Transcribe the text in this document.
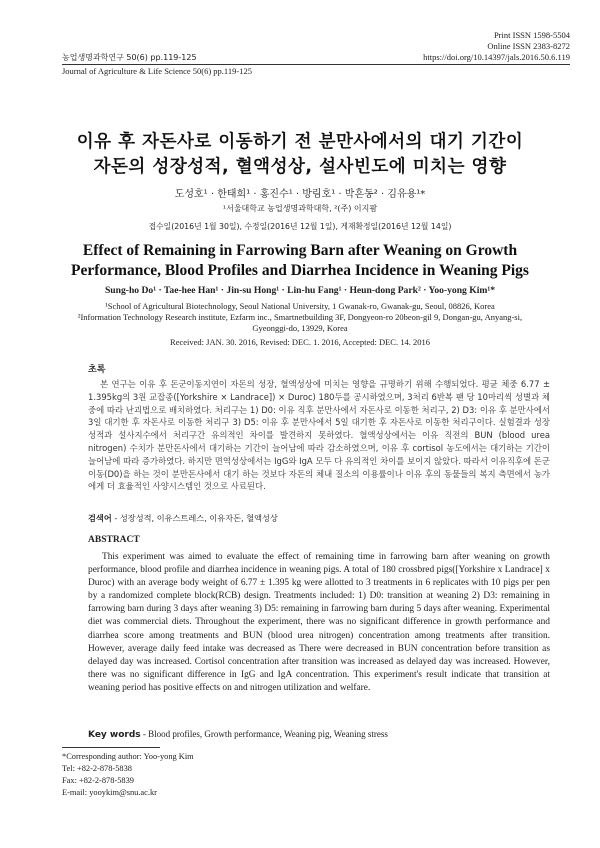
Print ISSN 1598-5504
Online ISSN 2383-8272
https://doi.org/10.14397/jals.2016.50.6.119
농업생명과학연구 50(6) pp.119-125
Journal of Agriculture & Life Science 50(6) pp.119-125
이유 후 자돈사로 이동하기 전 분만사에서의 대기 기간이
자돈의 성장성적, 혈액성상, 설사빈도에 미치는 영향
도성호¹ · 한태희¹ · 홍진수¹ · 방림호¹ · 박흔동² · 김유용¹*
¹서울대학교 농업생명과학대학, ²(주) 이지팜
접수일(2016년 1월 30일), 수정일(2016년 12월 1일), 게재확정일(2016년 12월 14일)
Effect of Remaining in Farrowing Barn after Weaning on Growth
Performance, Blood Profiles and Diarrhea Incidence in Weaning Pigs
Sung-ho Do¹ · Tae-hee Han¹ · Jin-su Hong¹ · Lin-hu Fang¹ · Heun-dong Park² · Yoo-yong Kim¹*
¹School of Agricultural Biotechnology, Seoul National University, 1 Gwanak-ro, Gwanak-gu, Seoul, 08826, Korea
²Information Technology Research institute, Ezfarm inc., Smartnetbuilding 3F, Dongyeon-ro 20beon-gil 9, Dongan-gu, Anyang-si,
Gyeonggi-do, 13929, Korea
Received: JAN. 30. 2016, Revised: DEC. 1. 2016, Accepted: DEC. 14. 2016
초록
본 연구는 이유 후 돈군이동지연이 자돈의 성장, 혈액성상에 미치는 영향을 규명하기 위해 수행되었다. 평균 체중 6.77 ± 1.395kg의 3원 교잡종([Yorkshire × Landrace]) × Duroc) 180두를 공시하였으며, 3처리 6반복 팬 당 10마리씩 성별과 체중에 따라 난괴법으로 배치하였다. 처리구는 1) D0: 이유 직후 분만사에서 자돈사로 이동한 처리구, 2) D3: 이유 후 분만사에서 3일 대기한 후 자돈사로 이동한 처리구 3) D5: 이유 후 분만사에서 5일 대기한 후 자돈사로 이동한 처리구이다. 실험결과 성장성적과 설사지수에서 처리구간 유의적인 차이를 발견하지 못하였다. 혈액성상에서는 이유 직전의 BUN (blood urea nitrogen) 수치가 분만돈사에서 대기하는 기간이 늘어남에 따라 감소하였으며, 이유 후 cortisol 농도에서는 대기하는 기간이 늘어남에 따라 증가하였다. 하지만 면역성상에서는 IgG와 IgA 모두 다 유의적인 차이를 보이지 않았다. 따라서 이유직후에 돈군이동(D0)을 하는 것이 분만돈사에서 대기 하는 것보다 자돈의 체내 질소의 이용률이나 이유 후의 동물들의 복지 측면에서 농가에게 더 효율적인 사양시스템인 것으로 사료된다.
검색어 - 성장성적, 이유스트레스, 이유자돈, 혈액성상
ABSTRACT
This experiment was aimed to evaluate the effect of remaining time in farrowing barn after weaning on growth performance, blood profile and diarrhea incidence in weaning pigs. A total of 180 crossbred pigs([Yorkshire x Landrace] x Duroc) with an average body weight of 6.77 ± 1.395 kg were allotted to 3 treatments in 6 replicates with 10 pigs per pen by a randomized complete block(RCB) design. Treatments included: 1) D0: transition at weaning 2) D3: remaining in farrowing barn during 3 days after weaning 3) D5: remaining in farrowing barn during 5 days after weaning. Experimental diet was commercial diets. Throughout the experiment, there was no significant difference in growth performance and diarrhea score among treatments and BUN (blood urea nitrogen) concentration among treatments after transition. However, average daily feed intake was decreased as There were decreased in BUN concentration before transition as delayed day was increased. Cortisol concentration after transition was increased as delayed day was increased. However, there was no significant difference in IgG and IgA concentration. This experiment's result indicate that transition at weaning period has positive effects on and nitrogen utilization and welfare.
Key words - Blood profiles, Growth performance, Weaning pig, Weaning stress
*Corresponding author: Yoo-yong Kim
Tel: +82-2-878-5838
Fax: +82-2-878-5839
E-mail: yooykim@snu.ac.kr
